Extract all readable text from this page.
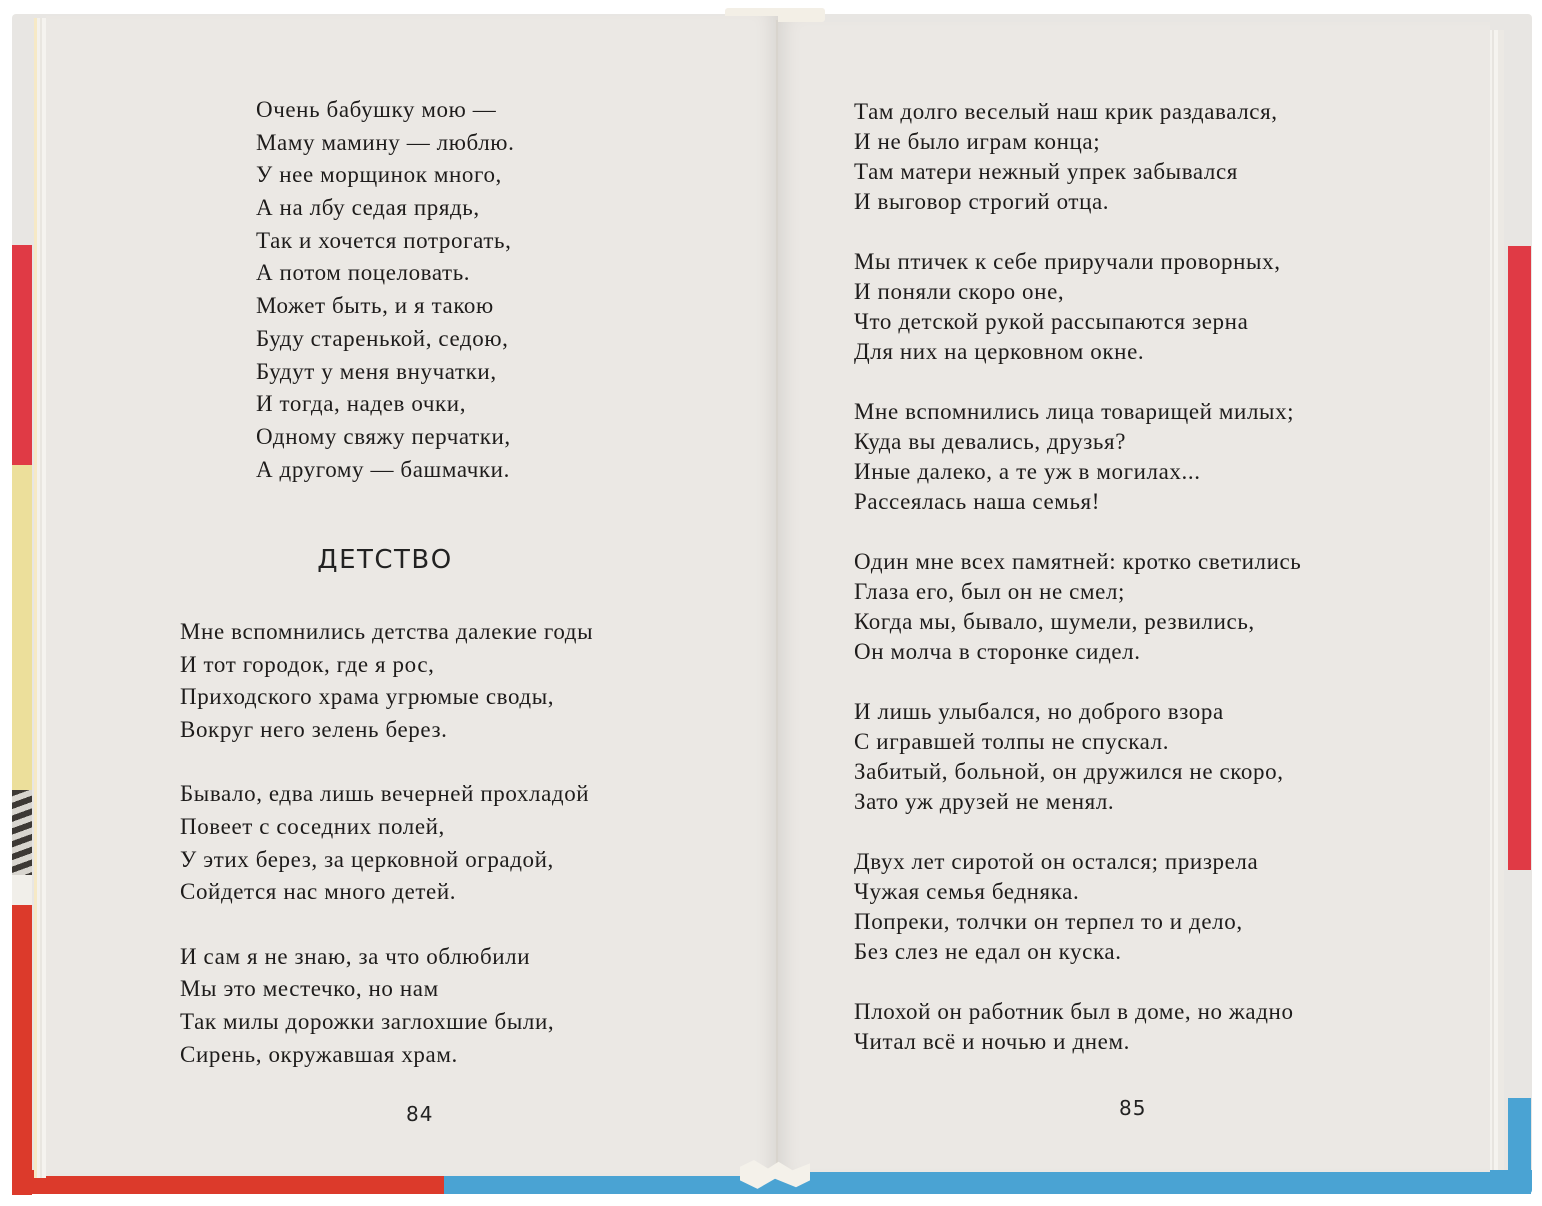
Очень бабушку мою —
Маму мамину — люблю.
У нее морщинок много,
А на лбу седая прядь,
Так и хочется потрогать,
А потом поцеловать.
Может быть, и я такою
Буду старенькой, седою,
Будут у меня внучатки,
И тогда, надев очки,
Одному свяжу перчатки,
А другому — башмачки.
ДЕТСТВО
Мне вспомнились детства далекие годы
И тот городок, где я рос,
Приходского храма угрюмые своды,
Вокруг него зелень берез.
Бывало, едва лишь вечерней прохладой
Повеет с соседних полей,
У этих берез, за церковной оградой,
Сойдется нас много детей.
И сам я не знаю, за что облюбили
Мы это местечко, но нам
Так милы дорожки заглохшие были,
Сирень, окружавшая храм.
84
Там долго веселый наш крик раздавался,
И не было играм конца;
Там матери нежный упрек забывался
И выговор строгий отца.
Мы птичек к себе приручали проворных,
И поняли скоро оне,
Что детской рукой рассыпаются зерна
Для них на церковном окне.
Мне вспомнились лица товарищей милых;
Куда вы девались, друзья?
Иные далеко, а те уж в могилах...
Рассеялась наша семья!
Один мне всех памятней: кротко светились
Глаза его, был он не смел;
Когда мы, бывало, шумели, резвились,
Он молча в сторонке сидел.
И лишь улыбался, но доброго взора
С игравшей толпы не спускал.
Забитый, больной, он дружился не скоро,
Зато уж друзей не менял.
Двух лет сиротой он остался; призрела
Чужая семья бедняка.
Попреки, толчки он терпел то и дело,
Без слез не едал он куска.
Плохой он работник был в доме, но жадно
Читал всё и ночью и днем.
85
